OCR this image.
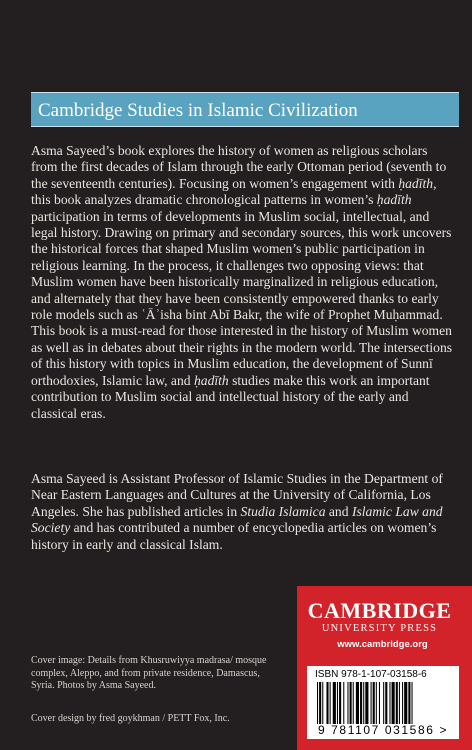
Cambridge Studies in Islamic Civilization

Asma Sayeed’s book explores the history of women as religious scholars from the first decades of Islam through the early Ottoman period (seventh to the seventeenth centuries). Focusing on women’s engagement with ḥadīth, this book analyzes dramatic chronological patterns in women’s ḥadīth participation in terms of developments in Muslim social, intellectual, and legal history. Drawing on primary and secondary sources, this work uncovers the historical forces that shaped Muslim women’s public participation in religious learning. In the process, it challenges two opposing views: that Muslim women have been historically marginalized in religious education, and alternately that they have been consistently empowered thanks to early role models such as ʿĀʾisha bint Abī Bakr, the wife of Prophet Muḥammad. This book is a must-read for those interested in the history of Muslim women as well as in debates about their rights in the modern world. The intersections of this history with topics in Muslim education, the development of Sunnī orthodoxies, Islamic law, and ḥadīth studies make this work an important contribution to Muslim social and intellectual history of the early and classical eras.

Asma Sayeed is Assistant Professor of Islamic Studies in the Department of Near Eastern Languages and Cultures at the University of California, Los Angeles. She has published articles in Studia Islamica and Islamic Law and Society and has contributed a number of encyclopedia articles on women’s history in early and classical Islam.

Cover image: Details from Khusruwiyya madrasa/ mosque complex, Aleppo, and from private residence, Damascus, Syria. Photos by Asma Sayeed.
Cover design by fred goykhman / PETT Fox, Inc.
CAMBRIDGE
UNIVERSITY PRESS
www.cambridge.org
ISBN 978-1-107-03158-6
9 781107 031586 >
